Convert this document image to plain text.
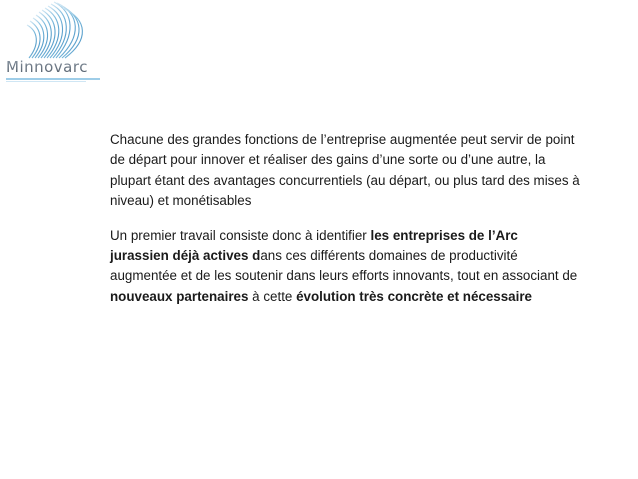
Minnovarc

Chacune des grandes fonctions de l’entreprise augmentée peut servir de point de départ pour innover et réaliser des gains d’une sorte ou d’une autre, la plupart étant des avantages concurrentiels (au départ, ou plus tard des mises à niveau) et monétisables

Un premier travail consiste donc à identifier les entreprises de l’Arc jurassien déjà actives dans ces différents domaines de productivité augmentée et de les soutenir dans leurs efforts innovants, tout en associant de nouveaux partenaires à cette évolution très concrète et nécessaire
